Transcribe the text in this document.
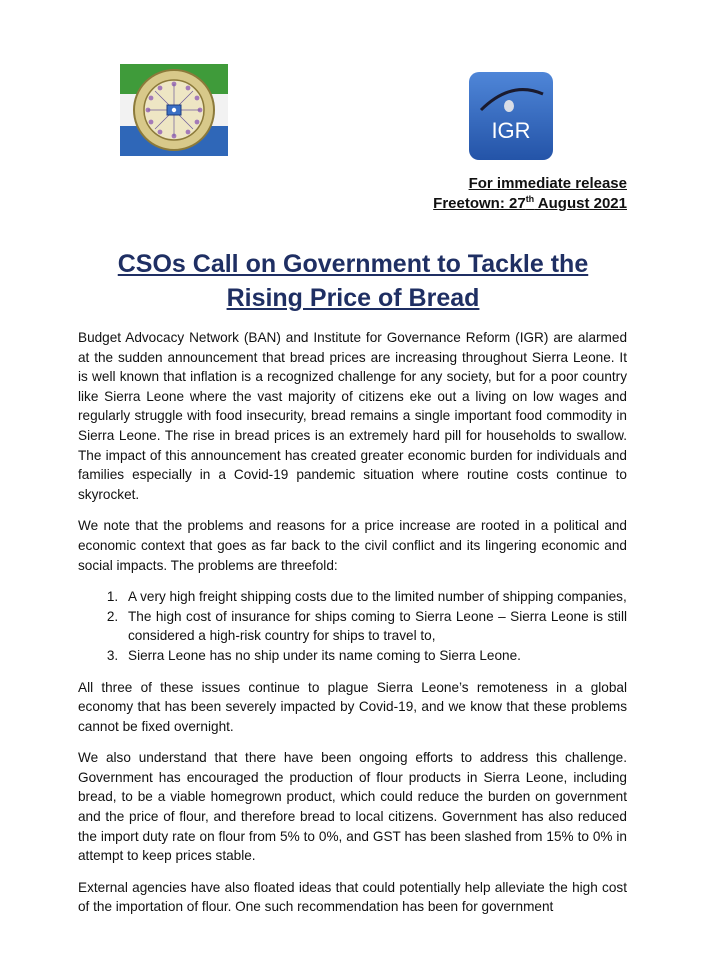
IGR
For immediate release
Freetown: 27th August 2021
CSOs Call on Government to Tackle the
Rising Price of Bread

Budget Advocacy Network (BAN) and Institute for Governance Reform (IGR) are alarmed at the sudden announcement that bread prices are increasing throughout Sierra Leone. It is well known that inflation is a recognized challenge for any society, but for a poor country like Sierra Leone where the vast majority of citizens eke out a living on low wages and regularly struggle with food insecurity, bread remains a single important food commodity in Sierra Leone. The rise in bread prices is an extremely hard pill for households to swallow. The impact of this announcement has created greater economic burden for individuals and families especially in a Covid-19 pandemic situation where routine costs continue to skyrocket.

We note that the problems and reasons for a price increase are rooted in a political and economic context that goes as far back to the civil conflict and its lingering economic and social impacts. The problems are threefold:

1. A very high freight shipping costs due to the limited number of shipping companies,
2. The high cost of insurance for ships coming to Sierra Leone – Sierra Leone is still considered a high-risk country for ships to travel to,
3. Sierra Leone has no ship under its name coming to Sierra Leone.

All three of these issues continue to plague Sierra Leone’s remoteness in a global economy that has been severely impacted by Covid-19, and we know that these problems cannot be fixed overnight.

We also understand that there have been ongoing efforts to address this challenge. Government has encouraged the production of flour products in Sierra Leone, including bread, to be a viable homegrown product, which could reduce the burden on government and the price of flour, and therefore bread to local citizens. Government has also reduced the import duty rate on flour from 5% to 0%, and GST has been slashed from 15% to 0% in attempt to keep prices stable.

External agencies have also floated ideas that could potentially help alleviate the high cost of the importation of flour. One such recommendation has been for government
